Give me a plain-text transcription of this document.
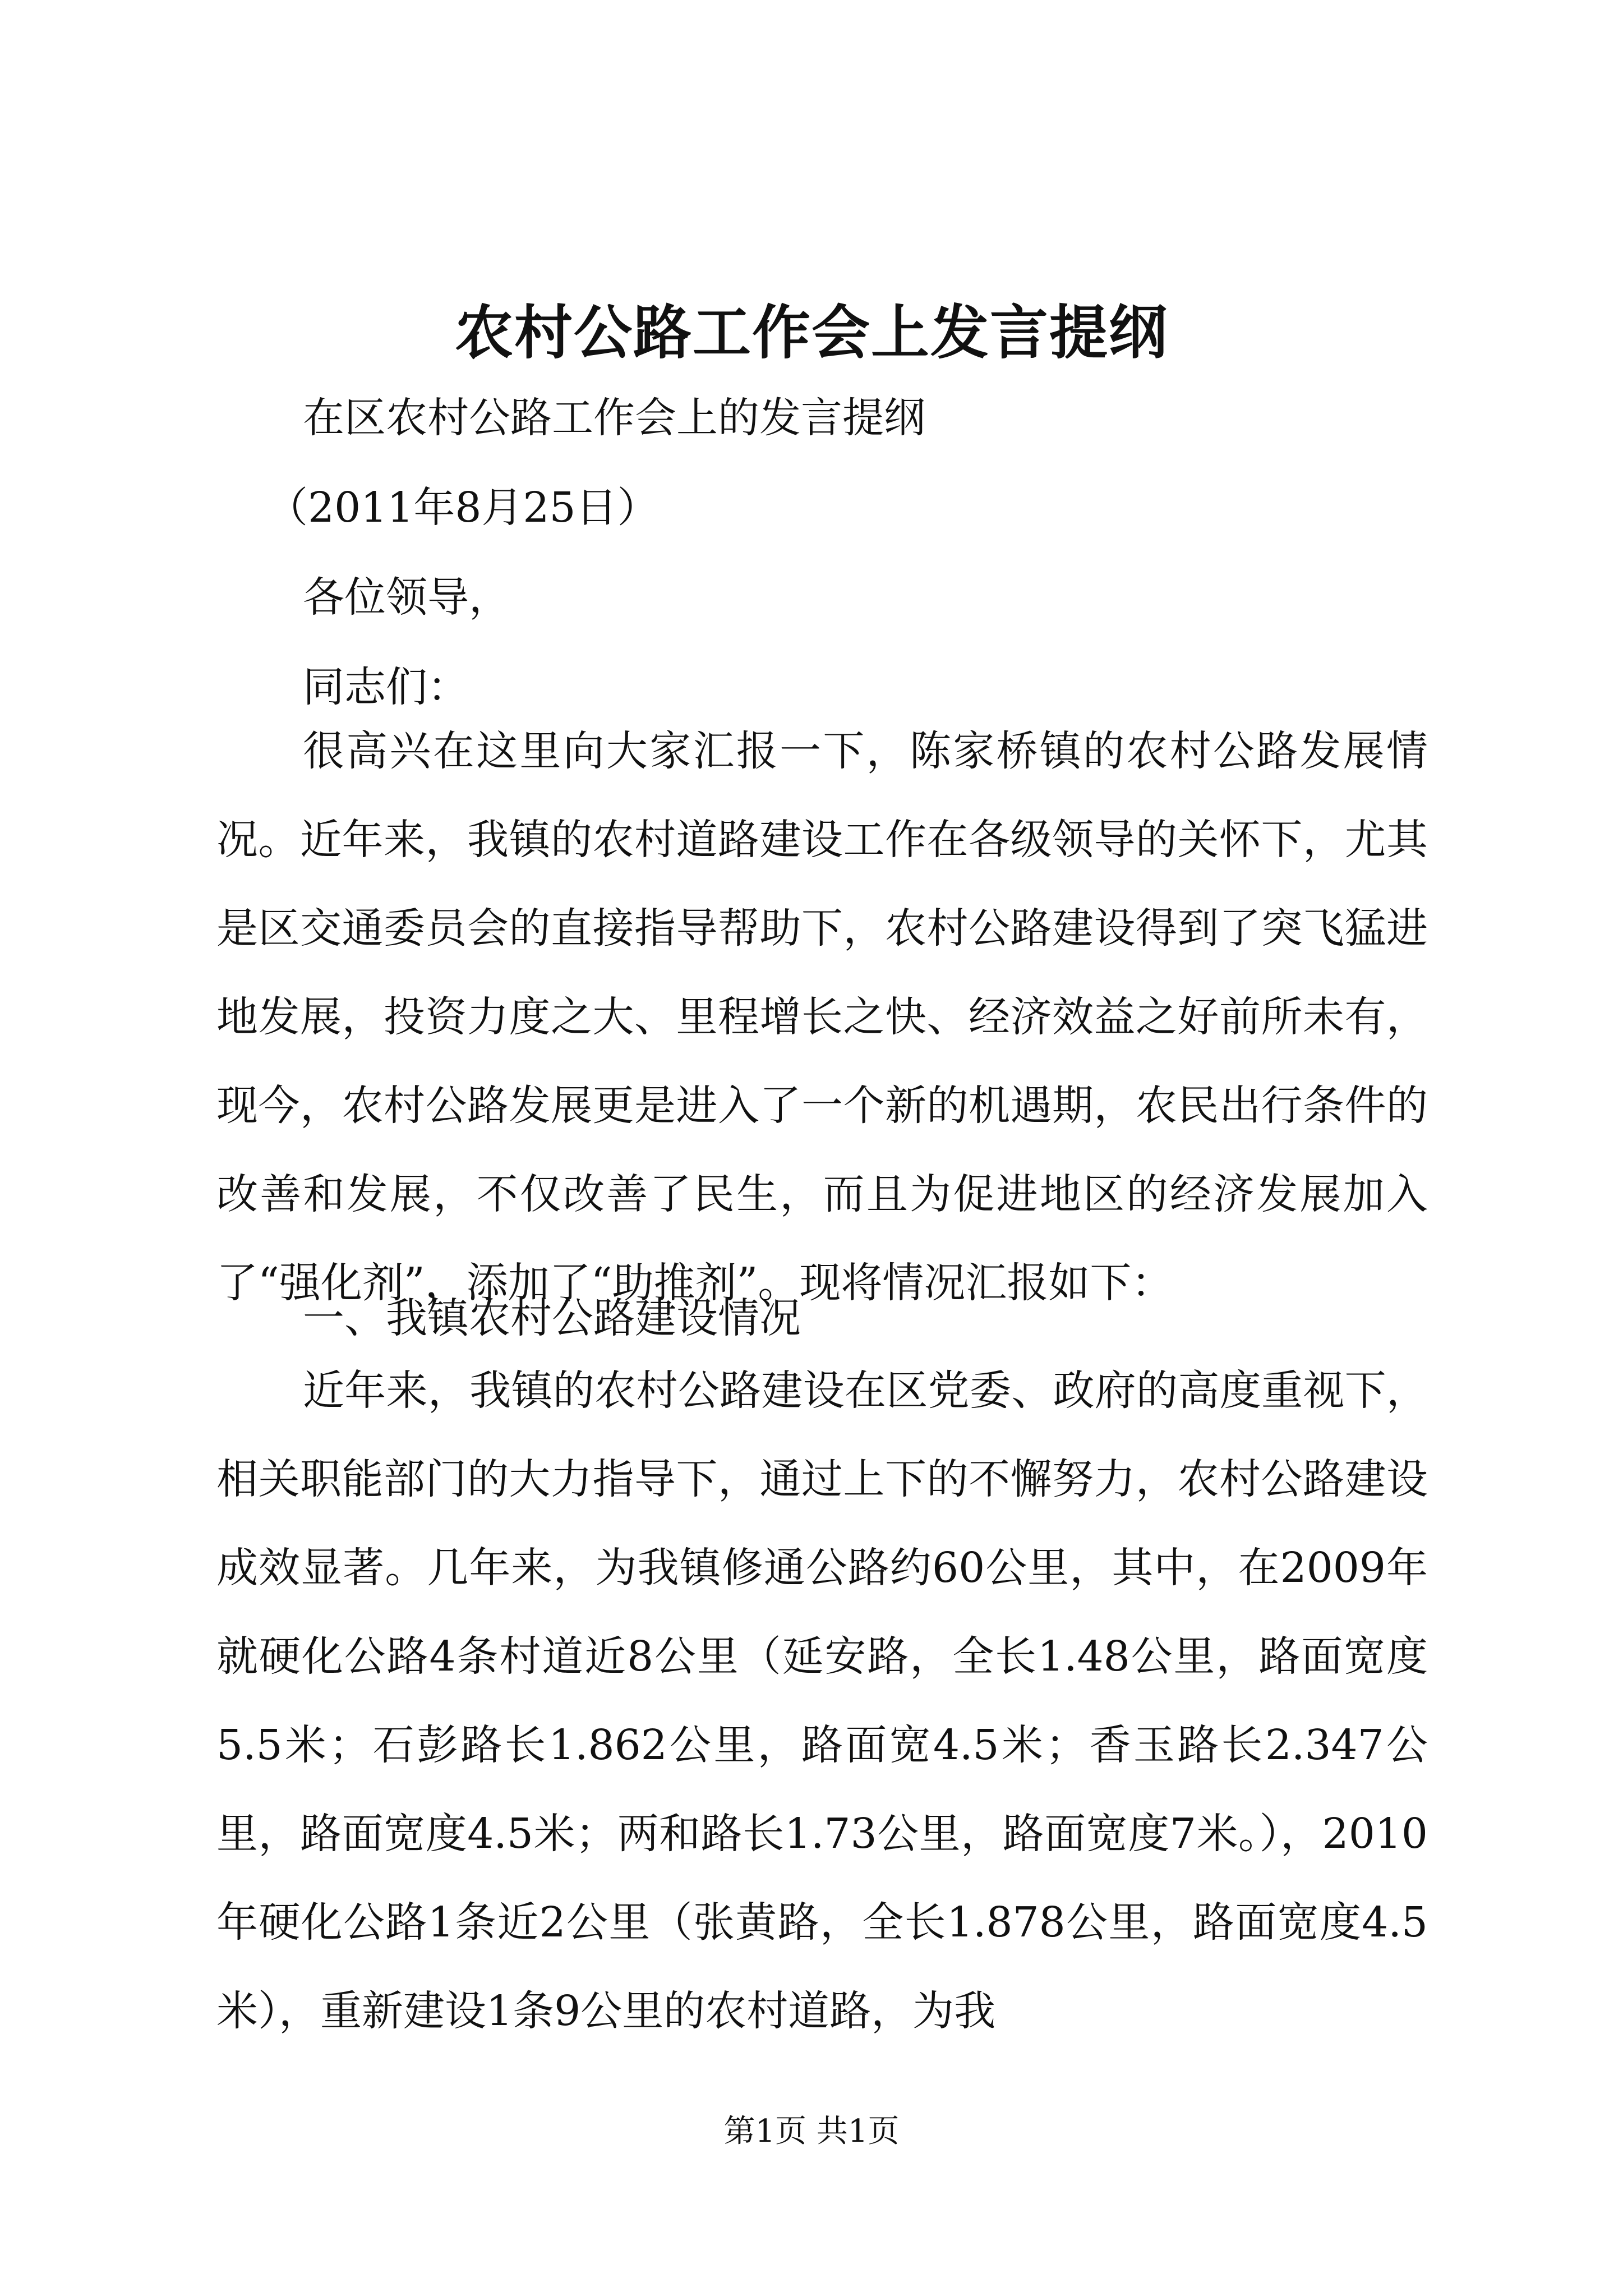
农村公路工作会上发言提纲
在区农村公路工作会上的发言提纲
（2011年8月25日）
各位领导，
同志们：

很高兴在这里向大家汇报一下，陈家桥镇的农村公路发展情况。近年来，我镇的农村道路建设工作在各级领导的关怀下，尤其是区交通委员会的直接指导帮助下，农村公路建设得到了突飞猛进地发展，投资力度之大、里程增长之快、经济效益之好前所未有，现今，农村公路发展更是进入了一个新的机遇期，农民出行条件的改善和发展，不仅改善了民生，而且为促进地区的经济发展加入了“强化剂”，添加了“助推剂”。现将情况汇报如下：

一、我镇农村公路建设情况

近年来，我镇的农村公路建设在区党委、政府的高度重视下，相关职能部门的大力指导下，通过上下的不懈努力，农村公路建设成效显著。几年来，为我镇修通公路约60公里，其中，在2009年就硬化公路4条村道近8公里（延安路，全长1.48公里，路面宽度5.5米；石彭路长1.862公里，路面宽4.5米；香玉路长2.347公里，路面宽度4.5米；两和路长1.73公里，路面宽度7米。），2010年硬化公路1条近2公里（张黄路，全长1.878公里，路面宽度4.5米），重新建设1条9公里的农村道路，为我

第1页 共1页
